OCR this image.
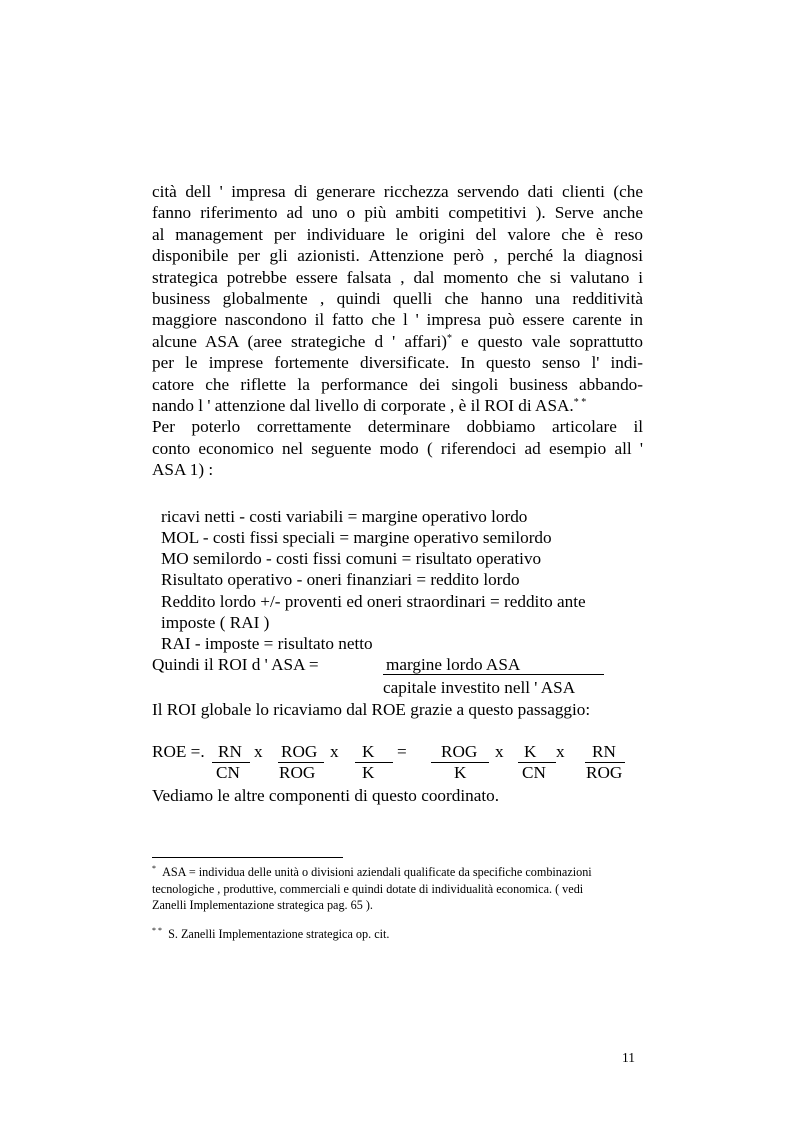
cità dell ' impresa di generare ricchezza servendo dati clienti (che
fanno riferimento ad uno o più ambiti competitivi ). Serve anche
al management per individuare le origini del valore che è reso
disponibile per gli azionisti. Attenzione però , perché la diagnosi
strategica potrebbe essere falsata , dal momento che si valutano i
business globalmente , quindi quelli che hanno una redditività
maggiore nascondono il fatto che l ' impresa può essere carente in
alcune ASA (aree strategiche d ' affari)* e questo vale soprattutto
per le imprese fortemente diversificate. In questo senso l' indi-
catore che riflette la performance dei singoli business abbando-
nando l ' attenzione dal livello di corporate , è il ROI di ASA.* *
Per poterlo correttamente determinare dobbiamo articolare il
conto economico nel seguente modo ( riferendoci ad esempio all '
ASA 1) :
ricavi netti - costi variabili = margine operativo lordo
MOL - costi fissi speciali = margine operativo semilordo
MO semilordo - costi fissi comuni = risultato operativo
Risultato operativo - oneri finanziari = reddito lordo
Reddito lordo +/- proventi ed oneri straordinari = reddito ante
imposte ( RAI )
RAI - imposte = risultato netto
Quindi il ROI d ' ASA =	margine lordo ASA
capitale investito nell ' ASA
Il ROI globale lo ricaviamo dal ROE grazie a questo passaggio:
ROE =. RN
CN
x ROG
ROG
x K
K
= ROG
K
x K
CN
x RN
ROG
Vediamo le altre componenti di questo coordinato.
* ASA = individua delle unità o divisioni aziendali qualificate da specifiche combinazioni
tecnologiche , produttive, commerciali e quindi dotate di individualità economica. ( vedi
Zanelli Implementazione strategica pag. 65 ).
* * S. Zanelli Implementazione strategica op. cit.
11
